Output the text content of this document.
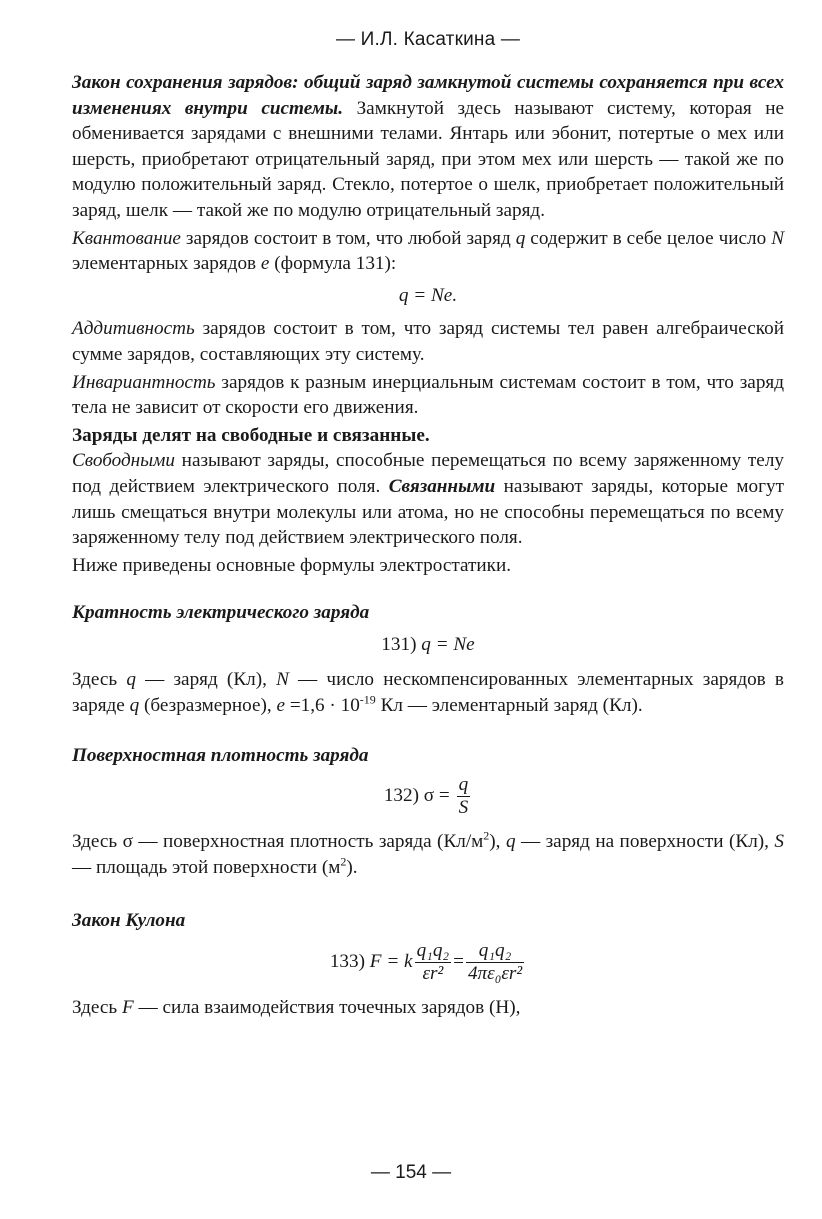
— И.Л. Касаткина —

Закон сохранения зарядов: общий заряд замкнутой системы сохраняется при всех изменениях внутри системы. Замкнутой здесь называют систему, которая не обменивается зарядами с внешними телами. Янтарь или эбонит, потертые о мех или шерсть, приобретают отрицательный заряд, при этом мех или шерсть — такой же по модулю положительный заряд. Стекло, потертое о шелк, приобретает положительный заряд, шелк — такой же по модулю отрицательный заряд.

Квантование зарядов состоит в том, что любой заряд q содержит в себе целое число N элементарных зарядов e (формула 131):

q = Ne.

Аддитивность зарядов состоит в том, что заряд системы тел равен алгебраической сумме зарядов, составляющих эту систему.

Инвариантность зарядов к разным инерциальным системам состоит в том, что заряд тела не зависит от скорости его движения.

Заряды делят на свободные и связанные.

Свободными называют заряды, способные перемещаться по всему заряженному телу под действием электрического поля. Связанными называют заряды, которые могут лишь смещаться внутри молекулы или атома, но не способны перемещаться по всему заряженному телу под действием электрического поля.

Ниже приведены основные формулы электростатики.

Кратность электрического заряда
131) q = Ne

Здесь q — заряд (Кл), N — число нескомпенсированных элементарных зарядов в заряде q (безразмерное), $e =1,6 \cdot 10^{-19}$ Кл — элементарный заряд (Кл).

Поверхностная плотность заряда
132) $\sigma = \frac{q}{S}$

Здесь σ — поверхностная плотность заряда $(Кл/м^2)$, q — заряд на поверхности (Кл), S — площадь этой поверхности $(м^2)$.

Закон Кулона
133) F = k $\frac{\text{q₁q₂}}{\text{εr²}} = \frac{\text{q₁q₂}}{\text{4πε₀εr²}}$

Здесь F — сила взаимодействия точечных зарядов (Н),

— 154 —
